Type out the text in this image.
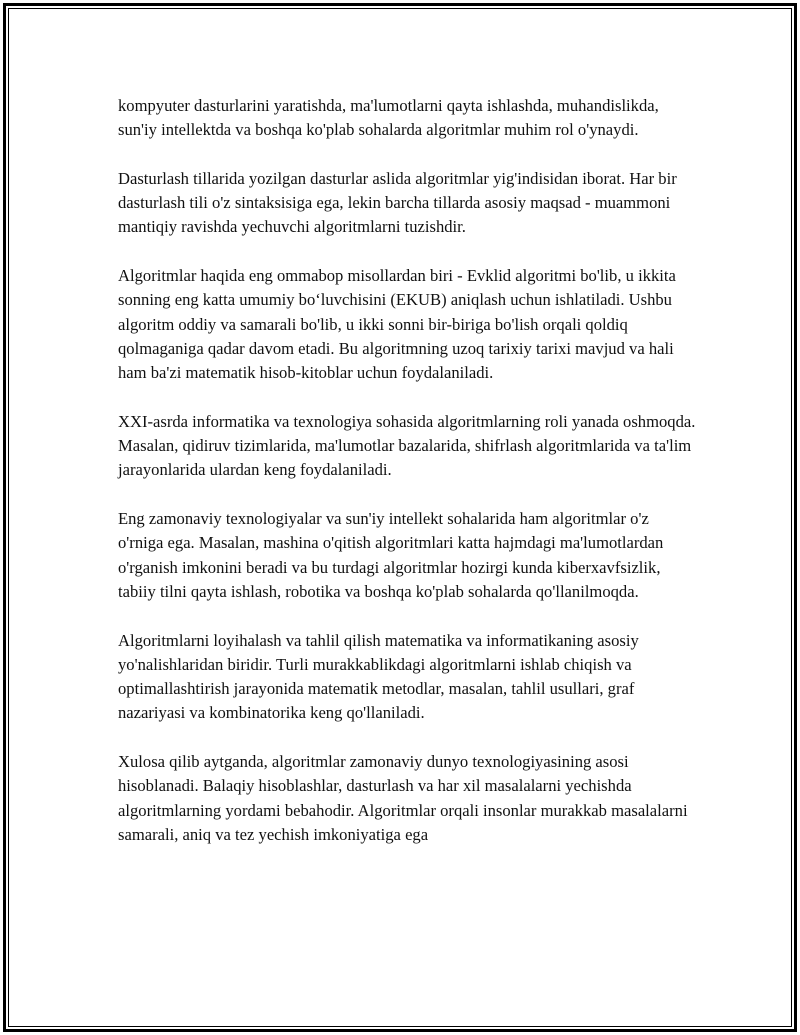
kompyuter dasturlarini yaratishda, ma'lumotlarni qayta ishlashda, muhandislikda, sun'iy intellektda va boshqa ko'plab sohalarda algoritmlar muhim rol o'ynaydi.

Dasturlash tillarida yozilgan dasturlar aslida algoritmlar yig'indisidan iborat. Har bir dasturlash tili o'z sintaksisiga ega, lekin barcha tillarda asosiy maqsad - muammoni mantiqiy ravishda yechuvchi algoritmlarni tuzishdir.

Algoritmlar haqida eng ommabop misollardan biri - Evklid algoritmi bo'lib, u ikkita sonning eng katta umumiy bo‘luvchisini (EKUB) aniqlash uchun ishlatiladi. Ushbu algoritm oddiy va samarali bo'lib, u ikki sonni bir-biriga bo'lish orqali qoldiq qolmaganiga qadar davom etadi. Bu algoritmning uzoq tarixiy tarixi mavjud va hali ham ba'zi matematik hisob-kitoblar uchun foydalaniladi.

XXI-asrda informatika va texnologiya sohasida algoritmlarning roli yanada oshmoqda. Masalan, qidiruv tizimlarida, ma'lumotlar bazalarida, shifrlash algoritmlarida va ta'lim jarayonlarida ulardan keng foydalaniladi.

Eng zamonaviy texnologiyalar va sun'iy intellekt sohalarida ham algoritmlar o'z o'rniga ega. Masalan, mashina o'qitish algoritmlari katta hajmdagi ma'lumotlardan o'rganish imkonini beradi va bu turdagi algoritmlar hozirgi kunda kiberxavfsizlik, tabiiy tilni qayta ishlash, robotika va boshqa ko'plab sohalarda qo'llanilmoqda.

Algoritmlarni loyihalash va tahlil qilish matematika va informatikaning asosiy yo'nalishlaridan biridir. Turli murakkablikdagi algoritmlarni ishlab chiqish va optimallashtirish jarayonida matematik metodlar, masalan, tahlil usullari, graf nazariyasi va kombinatorika keng qo'llaniladi.

Xulosa qilib aytganda, algoritmlar zamonaviy dunyo texnologiyasining asosi hisoblanadi. Balaqiy hisoblashlar, dasturlash va har xil masalalarni yechishda algoritmlarning yordami bebahodir. Algoritmlar orqali insonlar murakkab masalalarni samarali, aniq va tez yechish imkoniyatiga ega
